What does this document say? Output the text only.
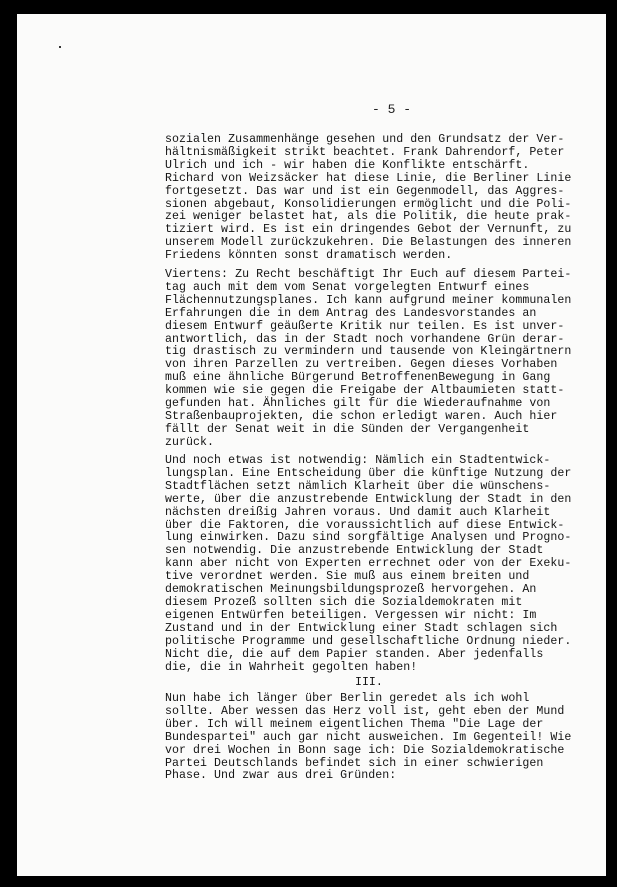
- 5 -
sozialen Zusammenhänge gesehen und den Grundsatz der Ver-
hältnismäßigkeit strikt beachtet. Frank Dahrendorf, Peter
Ulrich und ich - wir haben die Konflikte entschärft.
Richard von Weizsäcker hat diese Linie, die Berliner Linie
fortgesetzt. Das war und ist ein Gegenmodell, das Aggres-
sionen abgebaut, Konsolidierungen ermöglicht und die Poli-
zei weniger belastet hat, als die Politik, die heute prak-
tiziert wird. Es ist ein dringendes Gebot der Vernunft, zu
unserem Modell zurückzukehren. Die Belastungen des inneren
Friedens könnten sonst dramatisch werden.
Viertens: Zu Recht beschäftigt Ihr Euch auf diesem Partei-
tag auch mit dem vom Senat vorgelegten Entwurf eines
Flächennutzungsplanes. Ich kann aufgrund meiner kommunalen
Erfahrungen die in dem Antrag des Landesvorstandes an
diesem Entwurf geäußerte Kritik nur teilen. Es ist unver-
antwortlich, das in der Stadt noch vorhandene Grün derar-
tig drastisch zu vermindern und tausende von Kleingärtnern
von ihren Parzellen zu vertreiben. Gegen dieses Vorhaben
muß eine ähnliche Bürgerund BetroffenenBewegung in Gang
kommen wie sie gegen die Freigabe der Altbaumieten statt-
gefunden hat. Ähnliches gilt für die Wiederaufnahme von
Straßenbauprojekten, die schon erledigt waren. Auch hier
fällt der Senat weit in die Sünden der Vergangenheit
zurück.
Und noch etwas ist notwendig: Nämlich ein Stadtentwick-
lungsplan. Eine Entscheidung über die künftige Nutzung der
Stadtflächen setzt nämlich Klarheit über die wünschens-
werte, über die anzustrebende Entwicklung der Stadt in den
nächsten dreißig Jahren voraus. Und damit auch Klarheit
über die Faktoren, die voraussichtlich auf diese Entwick-
lung einwirken. Dazu sind sorgfältige Analysen und Progno-
sen notwendig. Die anzustrebende Entwicklung der Stadt
kann aber nicht von Experten errechnet oder von der Exeku-
tive verordnet werden. Sie muß aus einem breiten und
demokratischen Meinungsbildungsprozeß hervorgehen. An
diesem Prozeß sollten sich die Sozialdemokraten mit
eigenen Entwürfen beteiligen. Vergessen wir nicht: Im
Zustand und in der Entwicklung einer Stadt schlagen sich
politische Programme und gesellschaftliche Ordnung nieder.
Nicht die, die auf dem Papier standen. Aber jedenfalls
die, die in Wahrheit gegolten haben!
III.
Nun habe ich länger über Berlin geredet als ich wohl
sollte. Aber wessen das Herz voll ist, geht eben der Mund
über. Ich will meinem eigentlichen Thema "Die Lage der
Bundespartei" auch gar nicht ausweichen. Im Gegenteil! Wie
vor drei Wochen in Bonn sage ich: Die Sozialdemokratische
Partei Deutschlands befindet sich in einer schwierigen
Phase. Und zwar aus drei Gründen:
